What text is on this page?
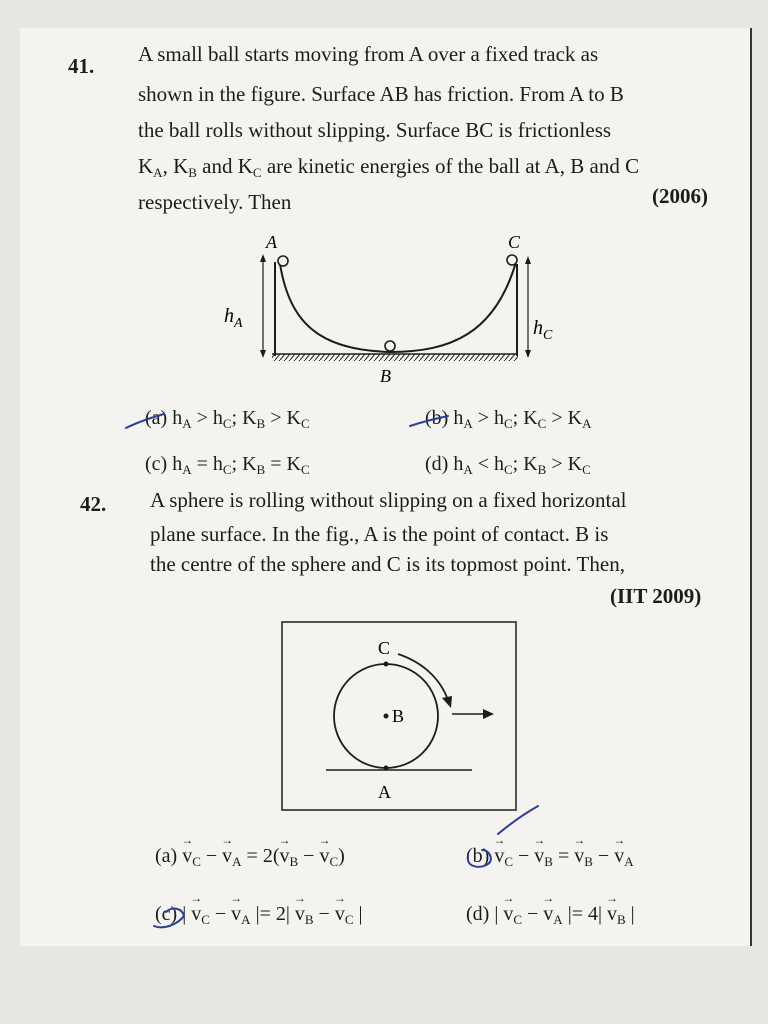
41. A small ball starts moving from A over a fixed track as
shown in the figure. Surface AB has friction. From A to B
the ball rolls without slipping. Surface BC is frictionless
$K_A$, $K_B$ and $K_C$ are kinetic energies of the ball at A, B and C
respectively. Then	(2006)
A	C
B
$h_A$	$h_C$
(a) $h_A > h_C$; $K_B > K_C$	(b) $h_A > h_C$; $K_C > K_A$
(c) $h_A = h_C$; $K_B = K_C$	(d) $h_A < h_C$; $K_B > K_C$
42. A sphere is rolling without slipping on a fixed horizontal
plane surface. In the fig., A is the point of contact. B is
the centre of the sphere and C is its topmost point. Then,
(IIT 2009)
C
B
A
$(a) \to v_C$ − → $v_A = 2(\to v_B$ − → $v_C$)	$(b) \to v_C$ − → $v_B$ = → $v_B$ − → $v_A$
(c) | → $v_C$ − → $v_A$ |= $2| \to v_B$ − → $v_C$ |	(d) | → $v_C$ − → $v_A$ |= $4| \to v_B$ |
